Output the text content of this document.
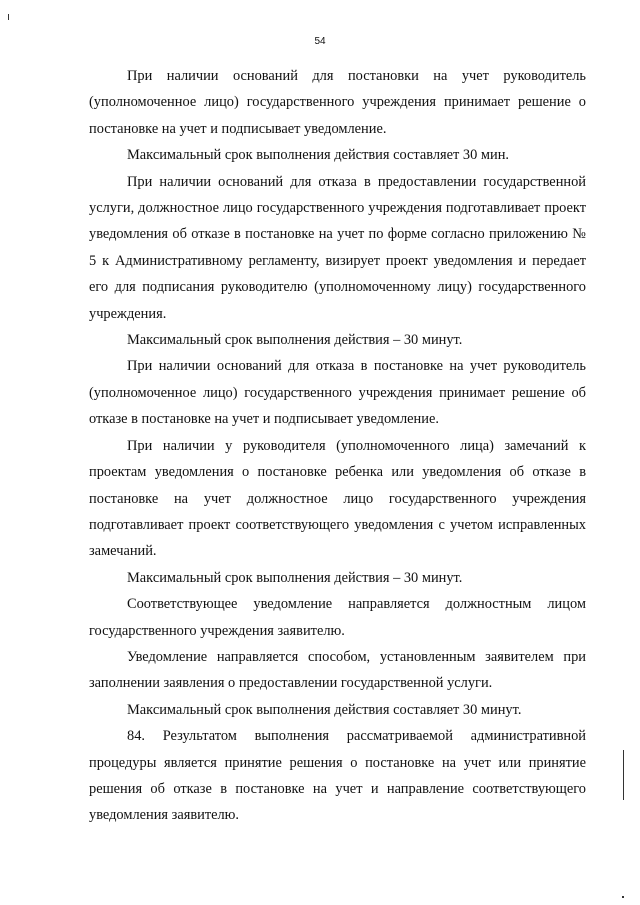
54

При наличии оснований для постановки на учет руководитель (уполномоченное лицо) государственного учреждения принимает решение о постановке на учет и подписывает уведомление.

Максимальный срок выполнения действия составляет 30 мин.

При наличии оснований для отказа в предоставлении государственной услуги, должностное лицо государственного учреждения подготавливает проект уведомления об отказе в постановке на учет по форме согласно приложению № 5 к Административному регламенту, визирует проект уведомления и передает его для подписания руководителю (уполномоченному лицу) государственного учреждения.

Максимальный срок выполнения действия – 30 минут.

При наличии оснований для отказа в постановке на учет руководитель (уполномоченное лицо) государственного учреждения принимает решение об отказе в постановке на учет и подписывает уведомление.

При наличии у руководителя (уполномоченного лица) замечаний к проектам уведомления о постановке ребенка или уведомления об отказе в постановке на учет должностное лицо государственного учреждения подготавливает проект соответствующего уведомления с учетом исправленных замечаний.

Максимальный срок выполнения действия – 30 минут.

Соответствующее уведомление направляется должностным лицом государственного учреждения заявителю.

Уведомление направляется способом, установленным заявителем при заполнении заявления о предоставлении государственной услуги.

Максимальный срок выполнения действия составляет 30 минут.

84. Результатом выполнения рассматриваемой административной процедуры является принятие решения о постановке на учет или принятие решения об отказе в постановке на учет и направление соответствующего уведомления заявителю.
